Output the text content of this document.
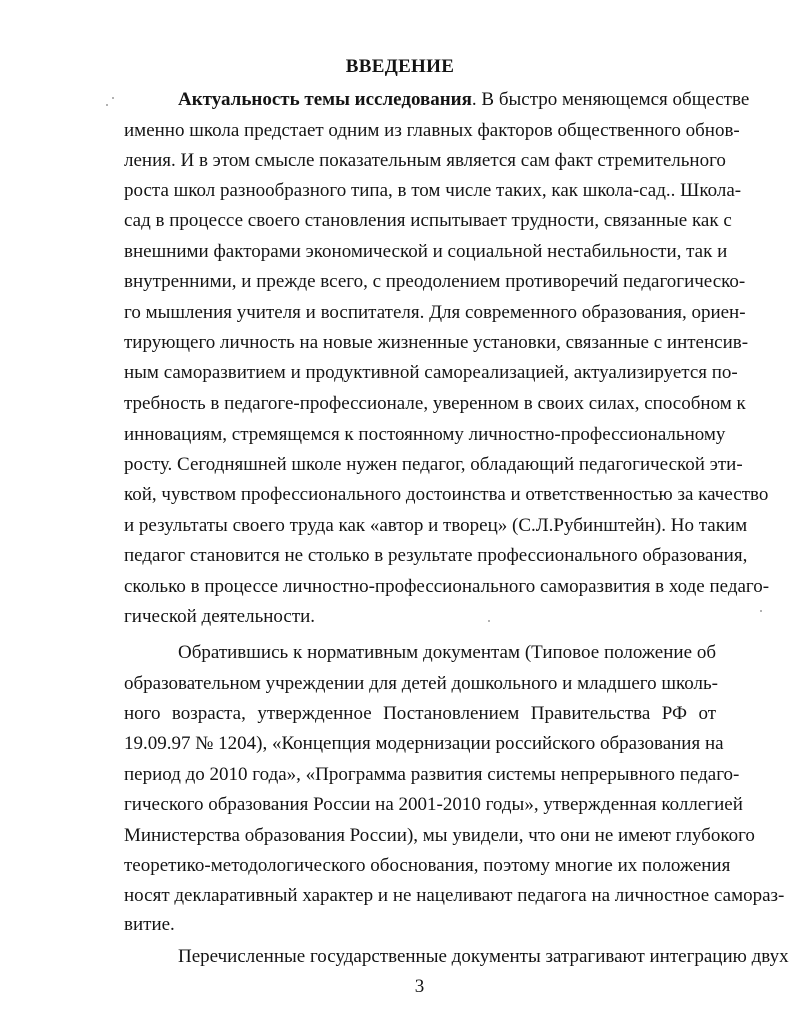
ВВЕДЕНИЕ
Актуальность темы исследования. В быстро меняющемся обществе
именно школа предстает одним из главных факторов общественного обнов-
ления. И в этом смысле показательным является сам факт стремительного
роста школ разнообразного типа, в том числе таких, как школа-сад.. Школа-
сад в процессе своего становления испытывает трудности, связанные как с
внешними факторами экономической и социальной нестабильности, так и
внутренними, и прежде всего, с преодолением противоречий педагогическо-
го мышления учителя и воспитателя. Для современного образования, ориен-
тирующего личность на новые жизненные установки, связанные с интенсив-
ным саморазвитием и продуктивной самореализацией, актуализируется по-
требность в педагоге-профессионале, уверенном в своих силах, способном к
инновациям, стремящемся к постоянному личностно-профессиональному
росту. Сегодняшней школе нужен педагог, обладающий педагогической эти-
кой, чувством профессионального достоинства и ответственностью за качество
и результаты своего труда как «автор и творец» (С.Л.Рубинштейн). Но таким
педагог становится не столько в результате профессионального образования,
сколько в процессе личностно-профессионального саморазвития в ходе педаго-
гической деятельности.
Обратившись к нормативным документам (Типовое положение об
образовательном учреждении для детей дошкольного и младшего школь-
ного возраста, утвержденное Постановлением Правительства РФ от
19.09.97 № 1204), «Концепция модернизации российского образования на
период до 2010 года», «Программа развития системы непрерывного педаго-
гического образования России на 2001-2010 годы», утвержденная коллегией
Министерства образования России), мы увидели, что они не имеют глубокого
теоретико-методологического обоснования, поэтому многие их положения
носят декларативный характер и не нацеливают педагога на личностное самораз-
витие.
Перечисленные государственные документы затрагивают интеграцию двух
3
